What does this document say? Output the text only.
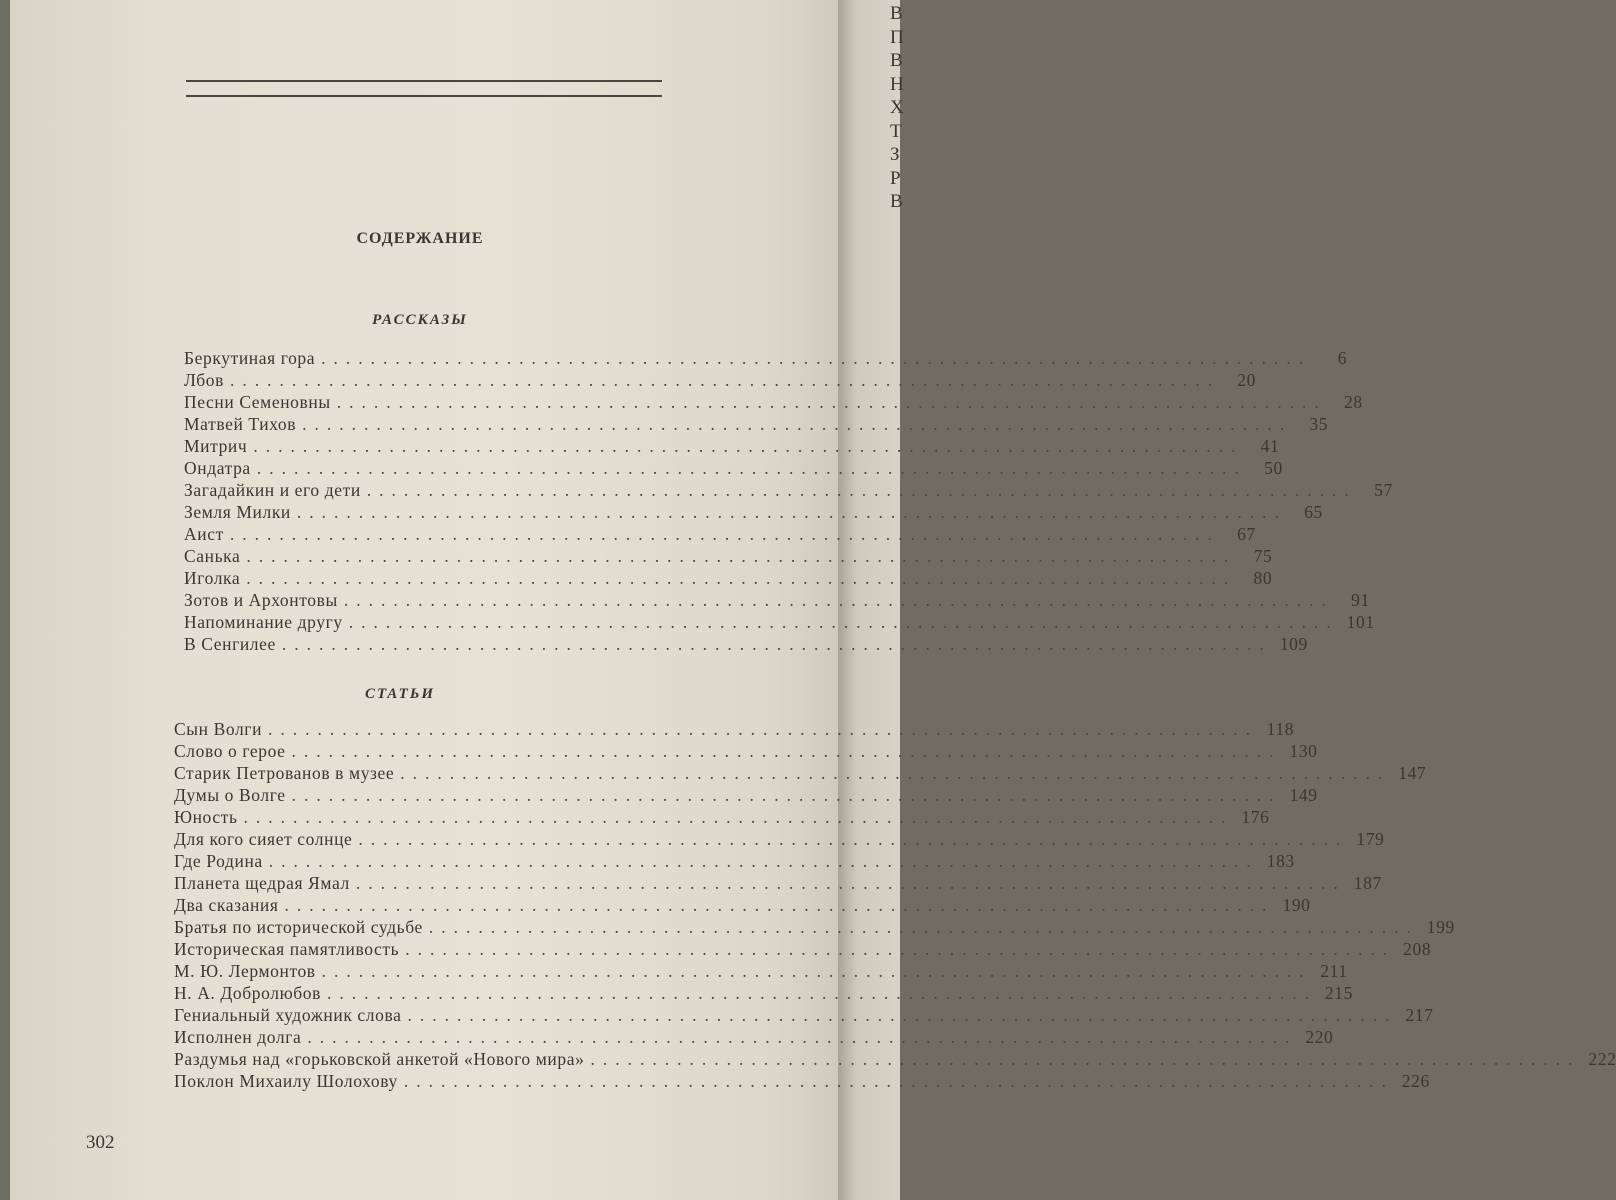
В
П
В
Н
Х
Т
З
Р
В
СОДЕРЖАНИЕ
РАССКАЗЫ
СТАТЬИ
Беркутиная гора ................................................................................	6
Лбов ................................................................................ 20
Песни Семеновны ................................................................................ 28
Матвей Тихов ................................................................................ 35
Митрич ................................................................................ 41
Ондатра ................................................................................ 50
Загадайкин и его дети ................................................................................ 57
Земля Милки ................................................................................ 65
Аист ................................................................................ 67
Санька ................................................................................ 75
Иголка ................................................................................ 80
Зотов и Архонтовы ................................................................................ 91
Напоминание другу ................................................................................ 101
В Сенгилее ................................................................................ 109
Сын Волги ................................................................................ 118
Слово о герое ................................................................................ 130
Старик Петрованов в музее ................................................................................ 147
Думы о Волге ................................................................................ 149
Юность ................................................................................ 176
Для кого сияет солнце ................................................................................ 179
Где Родина ................................................................................ 183
Планета щедрая Ямал ................................................................................ 187
Два сказания ................................................................................ 190
Братья по исторической судьбе ................................................................................ 199
Историческая памятливость ................................................................................ 208
М. Ю. Лермонтов ................................................................................ 211
Н. А. Добролюбов ................................................................................ 215
Гениальный художник слова ................................................................................ 217
Исполнен долга ................................................................................ 220
Раздумья над «горьковской анкетой «Нового мира» ................................................................................ 222
Поклон Михаилу Шолохову ................................................................................ 226
302
